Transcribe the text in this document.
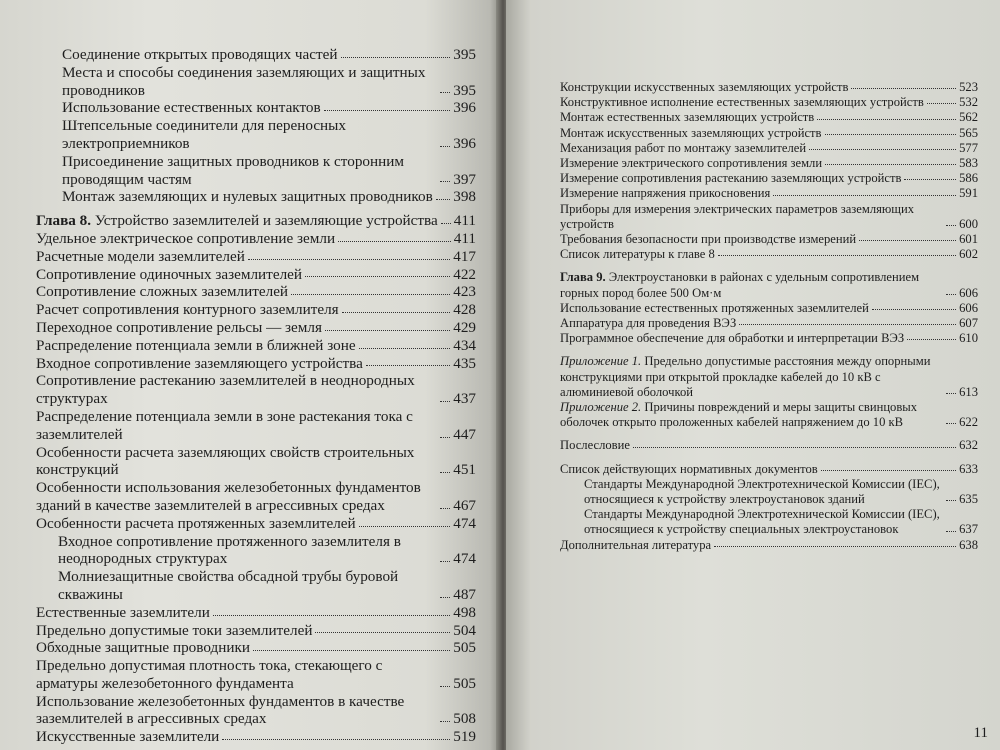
Соединение открытых проводящих частей	395
Места и способы соединения заземляющих и защитных проводников	395
Использование естественных контактов	396
Штепсельные соединители для переносных электроприемников	396
Присоединение защитных проводников к сторонним проводящим частям	397
Монтаж заземляющих и нулевых защитных проводников 398
Глава 8. Устройство заземлителей и заземляющие устройства 411
Удельное электрическое сопротивление земли	411
Расчетные модели заземлителей	417
Сопротивление одиночных заземлителей	422
Сопротивление сложных заземлителей	423
Расчет сопротивления контурного заземлителя	428
Переходное сопротивление рельсы — земля	429
Распределение потенциала земли в ближней зоне	434
Входное сопротивление заземляющего устройства	435
Сопротивление растеканию заземлителей в неоднородных структурах	437
Распределение потенциала земли в зоне растекания тока с заземлителей	447
Особенности расчета заземляющих свойств строительных конструкций	451
Особенности использования железобетонных фундаментов зданий в качестве заземлителей в агрессивных средах	467
Особенности расчета протяженных заземлителей	474
Входное сопротивление протяженного заземлителя в неоднородных структурах	474
Молниезащитные свойства обсадной трубы буровой скважины	487
Естественные заземлители	498
Предельно допустимые токи заземлителей	504
Обходные защитные проводники	505
Предельно допустимая плотность тока, стекающего с арматуры железобетонного фундамента	505
Использование железобетонных фундаментов в качестве заземлителей в агрессивных средах	508
Искусственные заземлители	519
Конструкции искусственных заземляющих устройств	523
Конструктивное исполнение естественных заземляющих устройств	532
Монтаж естественных заземляющих устройств	562
Монтаж искусственных заземляющих устройств	565
Механизация работ по монтажу заземлителей	577
Измерение электрического сопротивления земли	583
Измерение сопротивления растеканию заземляющих устройств	586
Измерение напряжения прикосновения	591
Приборы для измерения электрических параметров заземляющих устройств	600
Требования безопасности при производстве измерений	601
Список литературы к главе 8	602
Глава 9. Электроустановки в районах с удельным сопротивлением горных пород более 500 Ом·м	606
Использование естественных протяженных заземлителей	606
Аппаратура для проведения ВЭЗ	607
Программное обеспечение для обработки и интерпретации ВЭЗ	610
Приложение 1. Предельно допустимые расстояния между опорными конструкциями при открытой прокладке кабелей до 10 кВ с алюминиевой оболочкой	613
Приложение 2. Причины повреждений и меры защиты свинцовых оболочек открыто проложенных кабелей напряжением до 10 кВ	622
Послесловие	632
Список действующих нормативных документов	633
Стандарты Международной Электротехнической Комиссии (IEC), относящиеся к устройству электроустановок зданий	635
Стандарты Международной Электротехнической Комиссии (IEC), относящиеся к устройству специальных электроустановок	637
Дополнительная литература	638
11
